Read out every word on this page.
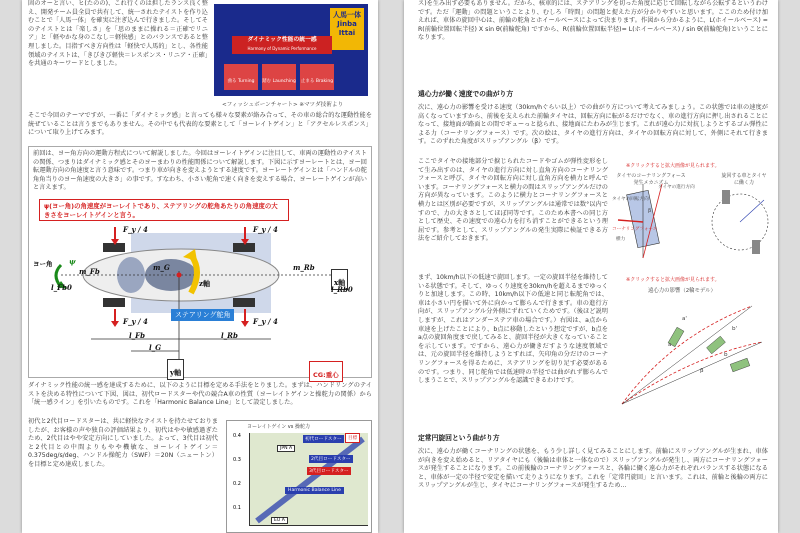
固のオーと言い、ヒ(たのの)、これ行くのは担したランス良く整え、開発チーム員全員で共有して、統一されたテイストを作り込むことで「人馬一体」を確実に注ぎ込んで行きました。そしてそのテイストとは「楽しさ」を「思のままに操れる＝正確でリニア」と「軽やかな身のこなし＝軽快感」とのバランスであると整理しました。目指すべき方向性は「軽快で人馬的」とし、各性能領域のテイストは、「きびきび軽快＝レスポンス・リニア・正確」を共通のキーワードとしました。

人馬一体 Jinba Ittai
ダイナミック性能の統一感
Harmony of Dynamic Performance
曲る Turning	踏む Launching 止まる Braking
<フィッシュボーンチャート> ※マツダ技術より

そこで今回のテーマですが、一番に「ダイナミック感」と言っても様々な要素が絡み合って、その車の総合的な運動性能を統ぜていることは言うまでもありません。その中でも代表的な要素として「ヨーレイトゲイン」と「アクセルレスポンス」について取り上げてみます。

前回は、ヨー角方向の運動方程式について解説しました。今回はヨーレイトゲインに注目して、車両の運動性のテイストの関係、つまりはダイナミック感とそのヨーまわりの性能関係について解説します。下図に示すヨーレートとは、ヨー回転運動方向の角速度と言う意味です。つまり車が向きを変えようとする速度です。ヨーレートゲインとは「ハンドルの舵角角当りのヨー角速度の大きさ」の事です。すなわち、小さい舵角で速く向きを変えする場合、ヨーレートゲインが高いと言えます。

ψ(ヨー角)の角速度がヨーレイトであり、ステアリングの舵角あたりの角速度の大きさをヨーレイトゲインと言う。
ヨー角 ψ
F_y / 4	F_y / 4
F_y / 4	F_y / 4
m_Fb	m_G	m_Rb
z軸	x軸
ステアリング舵角
l_Fb0
l_Fb
l_G
l_Rb
l_Rb0
y軸	CG:重心

ダイナミック性能の統一感を達成するために、以下のように目標を定める手法をとりました。まずは、ハンドリングのテイストを決める特性について下図、図は、初代ロードスターや代の競合A車の性質（ヨーレイトゲインと操舵力の関係）から「統一感ライン」を引いたものです。これを「Harmonic Balance Line」として設定しました。

初代と2代目ロードスターは、共に軽快なテイストを持たせておりましたが、お客様の声や独自の評価結果より、初代はやや敏感過ぎたため、2代目はやや安定方向にしていました。よって、3代目は初代と2代目との中間よりもやや機敏な、ヨーレイトゲイン＝0.375deg/s/deg、ハンドル操舵力（SWF）＝20N（ニュートン）を目標と定め達成しました。

ヨーレイトゲイン vs 操舵力
0.4
0.3
0.2
0.1
初代ロードスター	目標
2代目ロードスター
3代目ロードスター
JPN A
EU A
Harmonic Balance Line

ス)を生み出す必要もありません。だから、核車的には、ステアリングを切った角度に応じて回転しながら公転するというわけです。ただ「運動」の問題ということより、むしろ「時間」の問題と捉えた方が分かりやすいと思います。ここのため付け加えれば、車体の旋回中心は、前輪の舵角とホイールベースによって決まります。作図から分かるように、L(ホイールベース) = R(前輪位置回転半径) X sin θ(前輪舵角) ですから、R(前輪位置回転半径)= L(ホイールベース) / sin θ(前輪舵角)ということになります。

遠心力が働く速度での曲がり方

次に、遠心力の影響を受ける速度（30km/hぐらい以上）での曲がり方について考えてみましょう。この状態では車の速度が高くなっていますから、前後を支えられた前輪タイヤは、回転方向に転がるだけでなく、車の進行方向に押し出されることになって、接地面が路面との間でギューっと捻られ、接地面にたわみが生じます。これが遠心力に対抗しようとするゴム弾性による力（コーナリングフォース）です。次の絵は、タイヤの進行方向は、タイヤの回転方向に対して、外側にそれて行きます。このずれた角度がスリップアングル（β）です。

ここでタイヤの接地部分で捩じられたコードやゴムが弾性変形をして生み出すのは、タイヤの進行方向に対し直角方向のコーナリングフォースと呼び、タイヤの回転方向に対し直角方向を横力と呼んでいます。コーナリングフォースと横力の間はスリップアングルだけの方向が異なっています。このように横力とコーナリングフォースと横力とは区別が必要ですが、スリップアングルは通常では数°以内ですので、力の大きさとしてほぼ同等です。このため本書への同じ方として歴史、その速度での遠心力を打ち消すことができるという理屈です。参考として、スリップアングルの発生実際に検証できる方法をご紹介しておきます。

※クリックすると拡大画像が見られます。
タイヤのコーナリングフォース発生メカニズム
旋回する車とタイヤに働く力
タイヤの回転方向
タイヤの進行方向
コーナリングフォース
横力
β

まず、10km/h以下の低速で旋回します。一定の旋回半径を維持している状態です。そして、ゆっくり速度を30km/hを超えるまでゆっくりと加速します。この時、10km/h以下の低速と同じ転舵角では、車は小さい円を描いて外に向かって膨らんで行きます。車の進行方向が、スリップアングル分外側にずれていくためです。（後ほど説明しますが、これはアンダーステア車の場合です。）右図は、a点から車速を上げたことにより、b点に移動したという想定ですが、b点をa点の旋回角度まで戻してみると、旋回半径が大きくなっていることを示しています。ですから、遠心力が働きだすような速度領域では、元の旋回半径を維持しようとすれば、矢印角の分だけのコーナリングフォースを得るために、ステアリングを切り足す必要があるのです。つまり、同じ舵角では低速時の半径では曲がれず膨らんでしまうことで、スリップアングルを認識できるわけです。

※クリックすると拡大画像が見られます。
遠心力の影響（2輪モデル）
a
a'
b
b'
β
定常円旋回という曲がり方

次に、遠心力が働くコーナリングの状態を、もう少し詳しく見てみることにします。前輪にスリップアングルが生まれ、車体が向きを変え始めると、リアタイヤにも（後輪は車体と一体なので）スリップアングルが発生し、両方にコーナリングフォースが発生することになります。この前後輪のコーナリングフォースと、各輪に働く遠心力がそれぞれバランスする状態になると、車体が一定の半径で安定を描いて走りようになります。これを「定常円旋回」と言います。これは、前輪と後輪の両方にスリップアングルが生じ、タイヤにコーナリングフォースが発生するため...
